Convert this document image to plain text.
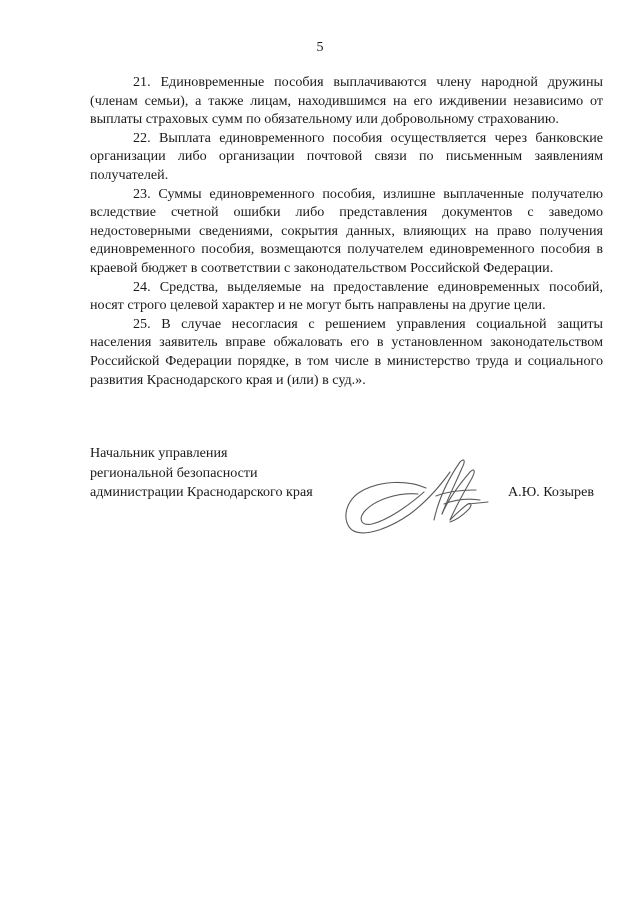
5

21. Единовременные пособия выплачиваются члену народной дружины (членам семьи), а также лицам, находившимся на его иждивении независимо от выплаты страховых сумм по обязательному или добровольному страхованию.

22. Выплата единовременного пособия осуществляется через банковские организации либо организации почтовой связи по письменным заявлениям получателей.

23. Суммы единовременного пособия, излишне выплаченные получателю вследствие счетной ошибки либо представления документов с заведомо недостоверными сведениями, сокрытия данных, влияющих на право получения единовременного пособия, возмещаются получателем единовременного пособия в краевой бюджет в соответствии с законодательством Российской Федерации.

24. Средства, выделяемые на предоставление единовременных пособий, носят строго целевой характер и не могут быть направлены на другие цели.

25. В случае несогласия с решением управления социальной защиты населения заявитель вправе обжаловать его в установленном законодательством Российской Федерации порядке, в том числе в министерство труда и социального развития Краснодарского края и (или) в суд.».

Начальник управления
региональной безопасности
администрации Краснодарского края	А.Ю. Козырев
